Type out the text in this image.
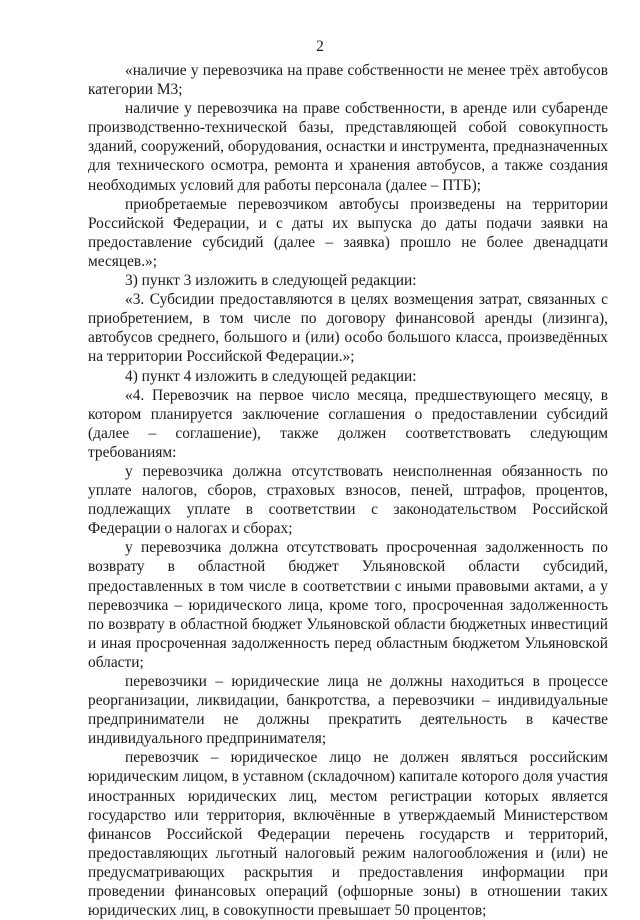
2

«наличие у перевозчика на праве собственности не менее трёх автобусов категории М3;

наличие у перевозчика на праве собственности, в аренде или субаренде производственно-технической базы, представляющей собой совокупность зданий, сооружений, оборудования, оснастки и инструмента, предназначенных для технического осмотра, ремонта и хранения автобусов, а также создания необходимых условий для работы персонала (далее – ПТБ);

приобретаемые перевозчиком автобусы произведены на территории Российской Федерации, и с даты их выпуска до даты подачи заявки на предоставление субсидий (далее – заявка) прошло не более двенадцати месяцев.»;

3) пункт 3 изложить в следующей редакции:

«3. Субсидии предоставляются в целях возмещения затрат, связанных с приобретением, в том числе по договору финансовой аренды (лизинга), автобусов среднего, большого и (или) особо большого класса, произведённых на территории Российской Федерации.»;

4) пункт 4 изложить в следующей редакции:

«4. Перевозчик на первое число месяца, предшествующего месяцу, в котором планируется заключение соглашения о предоставлении субсидий (далее – соглашение), также должен соответствовать следующим требованиям:

у перевозчика должна отсутствовать неисполненная обязанность по уплате налогов, сборов, страховых взносов, пеней, штрафов, процентов, подлежащих уплате в соответствии с законодательством Российской Федерации о налогах и сборах;

у перевозчика должна отсутствовать просроченная задолженность по возврату в областной бюджет Ульяновской области субсидий, предоставленных в том числе в соответствии с иными правовыми актами, а у перевозчика – юридического лица, кроме того, просроченная задолженность по возврату в областной бюджет Ульяновской области бюджетных инвестиций и иная просроченная задолженность перед областным бюджетом Ульяновской области;

перевозчики – юридические лица не должны находиться в процессе реорганизации, ликвидации, банкротства, а перевозчики – индивидуальные предприниматели не должны прекратить деятельность в качестве индивидуального предпринимателя;

перевозчик – юридическое лицо не должен являться российским юридическим лицом, в уставном (складочном) капитале которого доля участия иностранных юридических лиц, местом регистрации которых является государство или территория, включённые в утверждаемый Министерством финансов Российской Федерации перечень государств и территорий, предоставляющих льготный налоговый режим налогообложения и (или) не предусматривающих раскрытия и предоставления информации при проведении финансовых операций (офшорные зоны) в отношении таких юридических лиц, в совокупности превышает 50 процентов;
